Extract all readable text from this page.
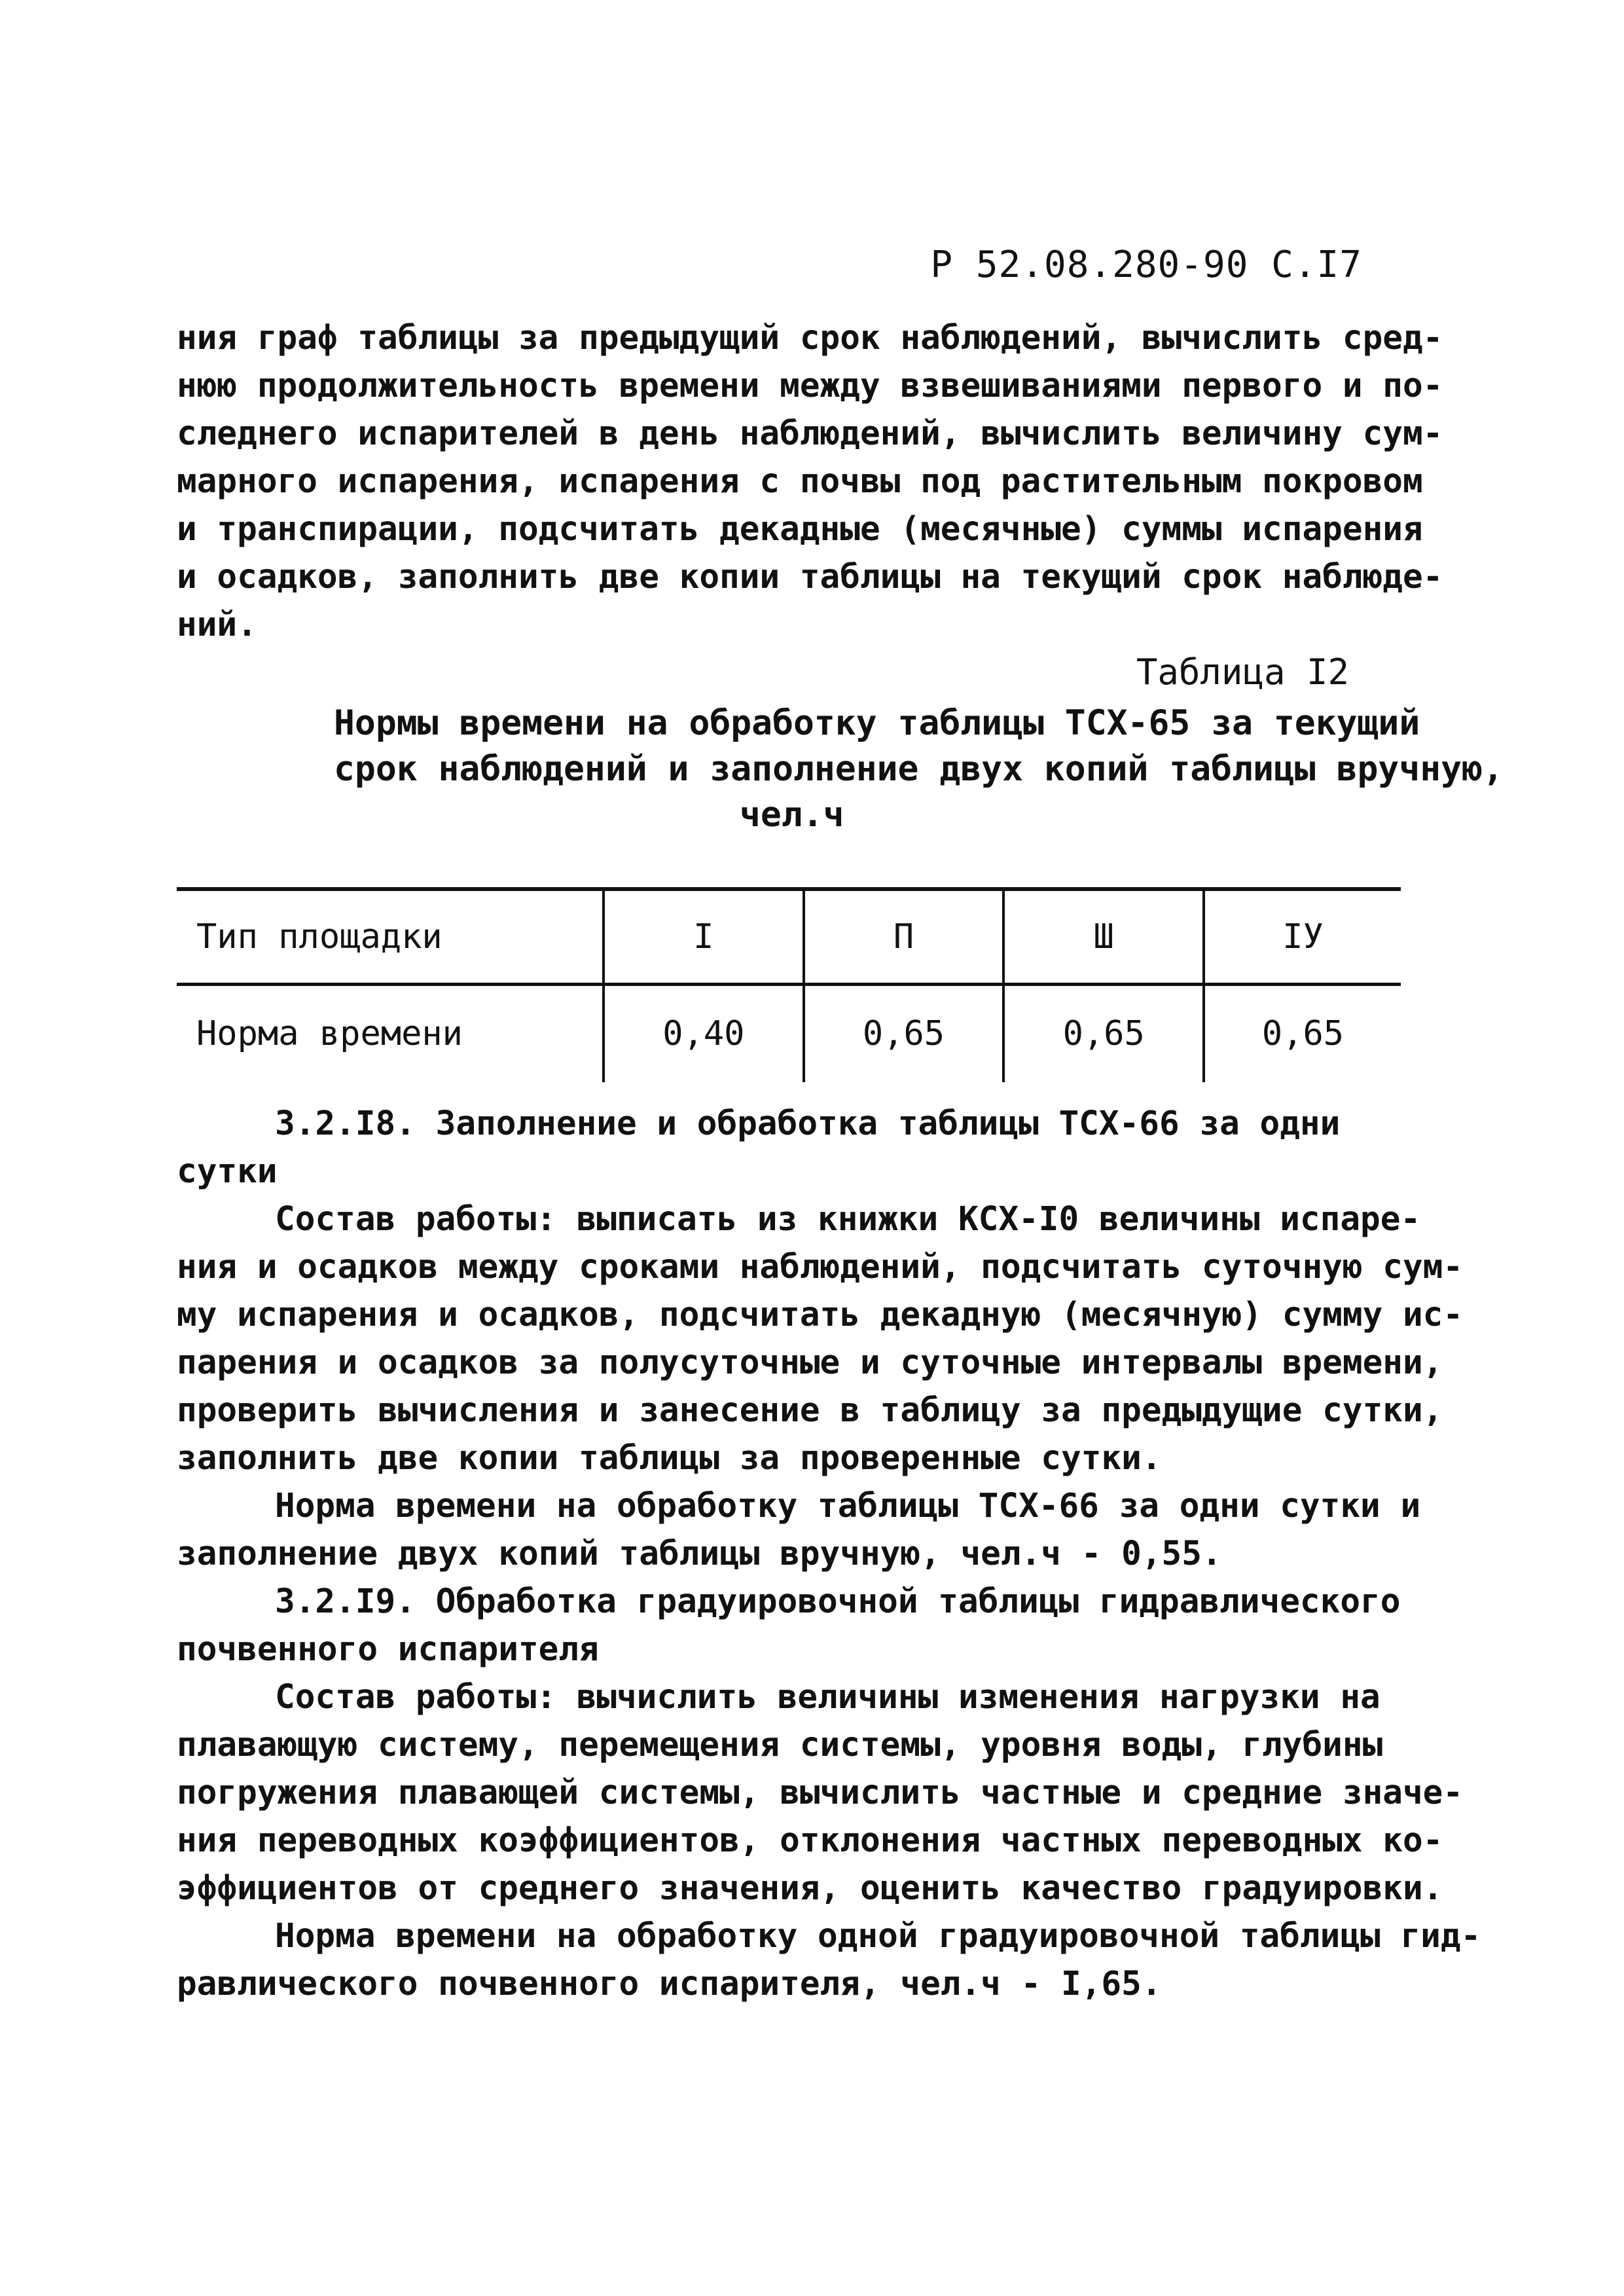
Р 52.08.280-90 С.I7
ния граф таблицы за предыдущий срок наблюдений, вычислить сред-
нюю продолжительность времени между взвешиваниями первого и по-
следнего испарителей в день наблюдений, вычислить величину сум-
марного испарения, испарения с почвы под растительным покровом
и транспирации, подсчитать декадные (месячные) суммы испарения
и осадков, заполнить две копии таблицы на текущий срок наблюде-
ний.
Таблица I2
Нормы времени на обработку таблицы ТСХ-65 за текущий
срок наблюдений и заполнение двух копий таблицы вручную,
чел.ч
Тип площадки	I	П	Ш	IУ
Норма времени	0,40	0,65	0,65	0,65
3.2.I8. Заполнение и обработка таблицы ТСХ-66 за одни
сутки
Состав работы: выписать из книжки КСХ-I0 величины испаре-
ния и осадков между сроками наблюдений, подсчитать суточную сум-
му испарения и осадков, подсчитать декадную (месячную) сумму ис-
парения и осадков за полусуточные и суточные интервалы времени,
проверить вычисления и занесение в таблицу за предыдущие сутки,
заполнить две копии таблицы за проверенные сутки.
Норма времени на обработку таблицы ТСХ-66 за одни сутки и
заполнение двух копий таблицы вручную, чел.ч - 0,55.
3.2.I9. Обработка градуировочной таблицы гидравлического
почвенного испарителя
Состав работы: вычислить величины изменения нагрузки на
плавающую систему, перемещения системы, уровня воды, глубины
погружения плавающей системы, вычислить частные и средние значе-
ния переводных коэффициентов, отклонения частных переводных ко-
эффициентов от среднего значения, оценить качество градуировки.
Норма времени на обработку одной градуировочной таблицы гид-
равлического почвенного испарителя, чел.ч - I,65.
